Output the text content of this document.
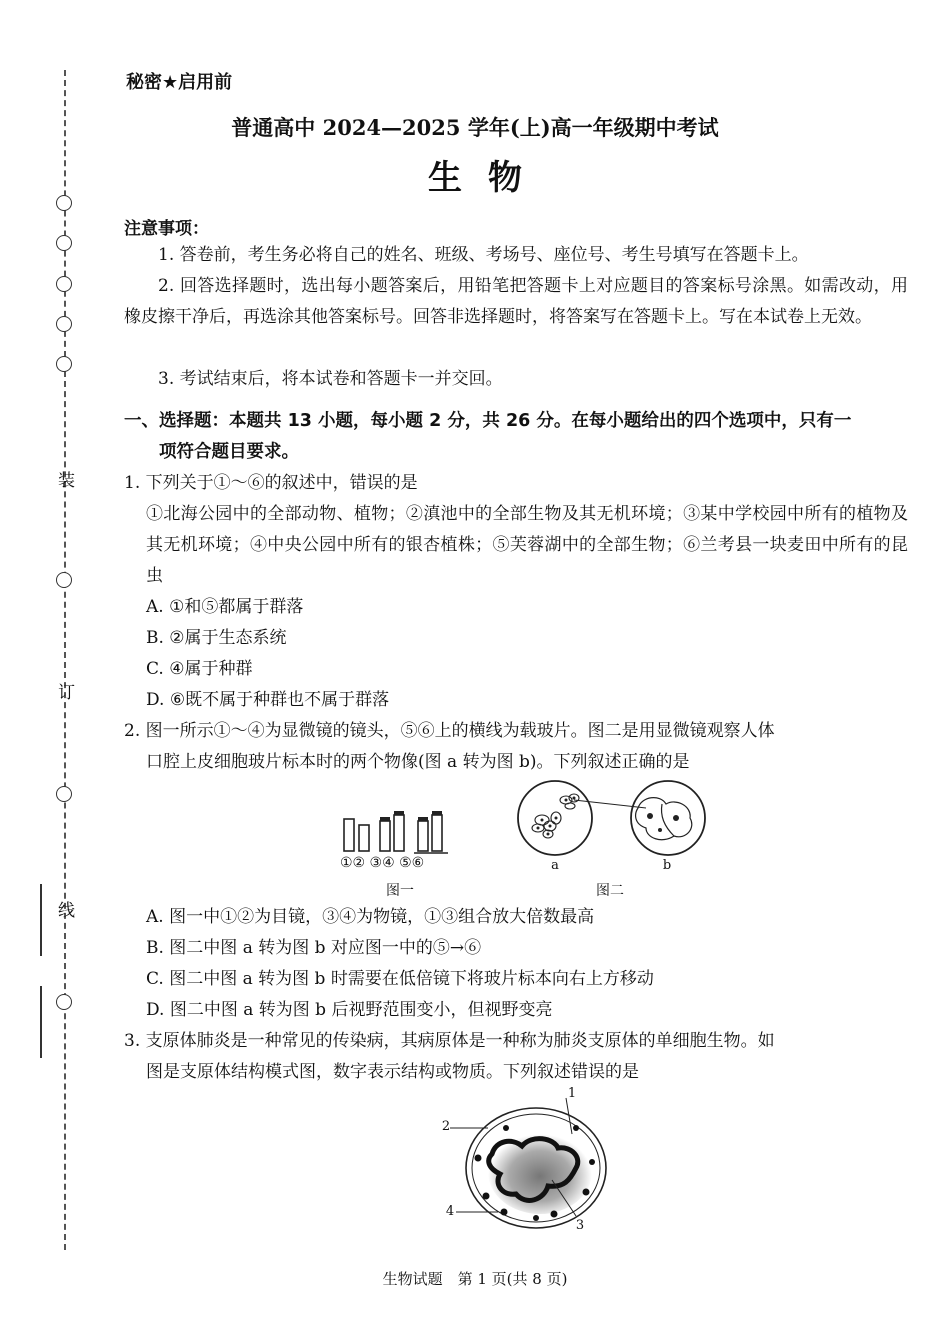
装
订
线
秘密★启用前
普通高中 2024—2025 学年(上)高一年级期中考试
生物
注意事项：
1. 答卷前，考生务必将自己的姓名、班级、考场号、座位号、考生号填写在答题卡上。
2. 回答选择题时，选出每小题答案后，用铅笔把答题卡上对应题目的答案标号涂黑。如需改动，用橡皮擦干净后，再选涂其他答案标号。回答非选择题时，将答案写在答题卡上。写在本试卷上无效。
3. 考试结束后，将本试卷和答题卡一并交回。
一、选择题：本题共 13 小题，每小题 2 分，共 26 分。在每小题给出的四个选项中，只有一
项符合题目要求。
1. 下列关于①～⑥的叙述中，错误的是
①北海公园中的全部动物、植物；②滇池中的全部生物及其无机环境；③某中学校园中所有的植物及其无机环境；④中央公园中所有的银杏植株；⑤芙蓉湖中的全部生物；⑥兰考县一块麦田中所有的昆虫
A. ①和⑤都属于群落
B. ②属于生态系统
C. ④属于种群
D. ⑥既不属于种群也不属于群落
2. 图一所示①～④为显微镜的镜头，⑤⑥上的横线为载玻片。图二是用显微镜观察人体
口腔上皮细胞玻片标本时的两个物像(图 a 转为图 b)。下列叙述正确的是
①② ③④ ⑤⑥
图一
a	b
图二
A. 图一中①②为目镜，③④为物镜，①③组合放大倍数最高
B. 图二中图 a 转为图 b 对应图一中的⑤→⑥
C. 图二中图 a 转为图 b 时需要在低倍镜下将玻片标本向右上方移动
D. 图二中图 a 转为图 b 后视野范围变小，但视野变亮
3. 支原体肺炎是一种常见的传染病，其病原体是一种称为肺炎支原体的单细胞生物。如
图是支原体结构模式图，数字表示结构或物质。下列叙述错误的是
1
2
3
4
生物试题　第 1 页(共 8 页)
